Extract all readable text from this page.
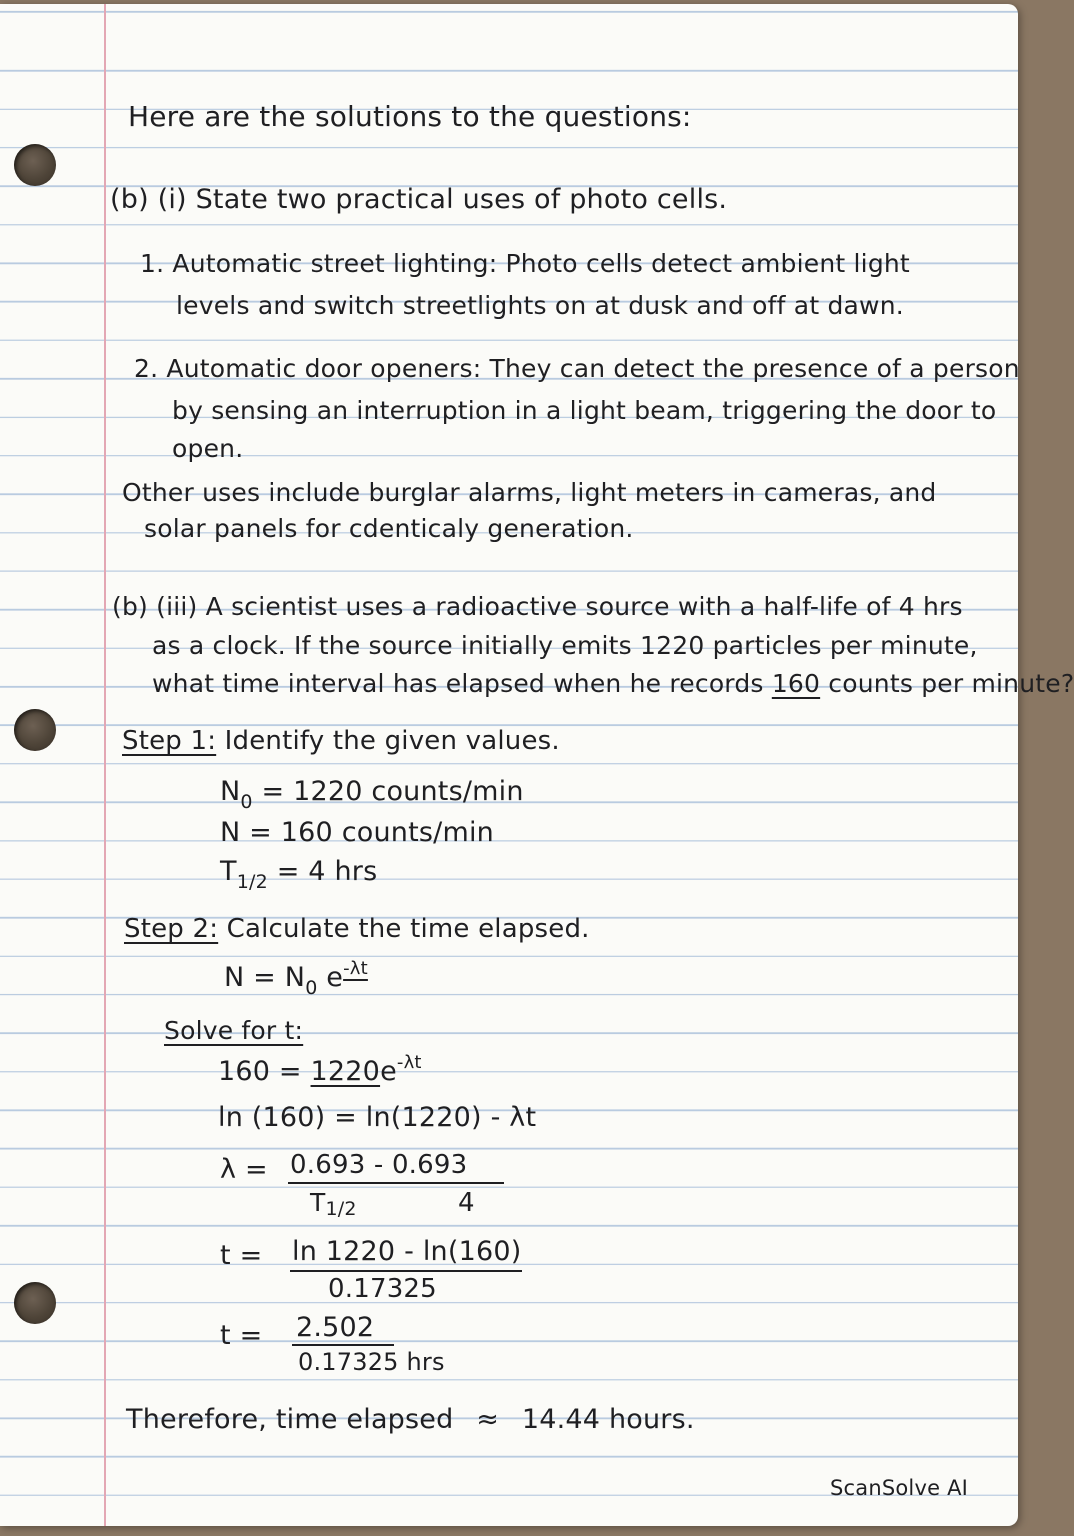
Here are the solutions to the questions:

(b) (i) State two practical uses of photo cells.
1. Automatic street lighting: Photo cells detect ambient light

levels and switch streetlights on at dusk and off at dawn.

2. Automatic door openers: They can detect the presence of a person

by sensing an interruption in a light beam, triggering the door to

open.

Other uses include burglar alarms, light meters in cameras, and

solar panels for cdenticaly generation.

(b) (iii) A scientist uses a radioactive source with a half-life of 4 hrs

as a clock. If the source initially emits 1220 particles per minute,

what time interval has elapsed when he records 160 counts per minute?
Step 1: Identify the given values.
$N_0 = 1220$ counts/min

N = 160 counts/min

$T_{1/2} = 4$ hrs
Step 2: Calculate the time elapsed.
$N = N_0$ $e^{-\lambda t}$

Solve for t:

$160 = 1220e^{-\lambda t}$

ln (160) = ln(1220) - λt

λ = 0.693 - 0.693

T1/2	4

t = ln 1220 - ln(160)

0.17325

t = 2.502

0.17325 hrs

Therefore, time elapsed ≈ 14.44 hours.

ScanSolve AI
